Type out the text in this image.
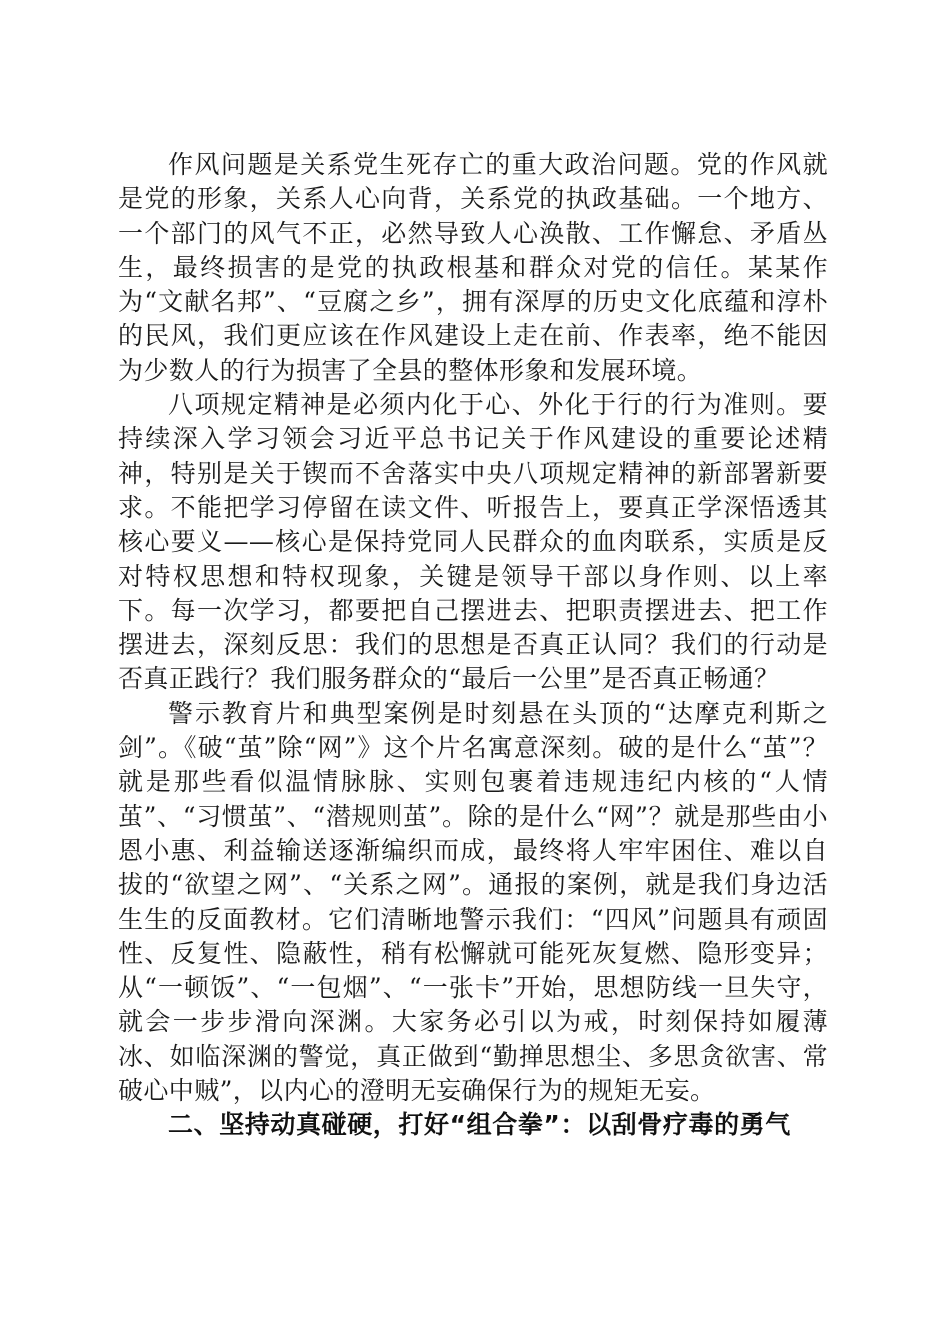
作风问题是关系党生死存亡的重大政治问题。党的作风就是党的形象，关系人心向背，关系党的执政基础。一个地方、一个部门的风气不正，必然导致人心涣散、工作懈怠、矛盾丛生，最终损害的是党的执政根基和群众对党的信任。某某作为“文献名邦”、“豆腐之乡”，拥有深厚的历史文化底蕴和淳朴的民风，我们更应该在作风建设上走在前、作表率，绝不能因为少数人的行为损害了全县的整体形象和发展环境。

八项规定精神是必须内化于心、外化于行的行为准则。要持续深入学习领会习近平总书记关于作风建设的重要论述精神，特别是关于锲而不舍落实中央八项规定精神的新部署新要求。不能把学习停留在读文件、听报告上，要真正学深悟透其核心要义——核心是保持党同人民群众的血肉联系，实质是反对特权思想和特权现象，关键是领导干部以身作则、以上率下。每一次学习，都要把自己摆进去、把职责摆进去、把工作摆进去，深刻反思：我们的思想是否真正认同？我们的行动是否真正践行？我们服务群众的“最后一公里”是否真正畅通？

警示教育片和典型案例是时刻悬在头顶的“达摩克利斯之剑”。《破“茧”除“网”》这个片名寓意深刻。破的是什么“茧”？就是那些看似温情脉脉、实则包裹着违规违纪内核的“人情茧”、“习惯茧”、“潜规则茧”。除的是什么“网”？就是那些由小恩小惠、利益输送逐渐编织而成，最终将人牢牢困住、难以自拔的“欲望之网”、“关系之网”。通报的案例，就是我们身边活生生的反面教材。它们清晰地警示我们：“四风”问题具有顽固性、反复性、隐蔽性，稍有松懈就可能死灰复燃、隐形变异；从“一顿饭”、“一包烟”、“一张卡”开始，思想防线一旦失守，就会一步步滑向深渊。大家务必引以为戒，时刻保持如履薄冰、如临深渊的警觉，真正做到“勤掸思想尘、多思贪欲害、常破心中贼”，以内心的澄明无妄确保行为的规矩无妄。

二、坚持动真碰硬，打好“组合拳”：以刮骨疗毒的勇气
